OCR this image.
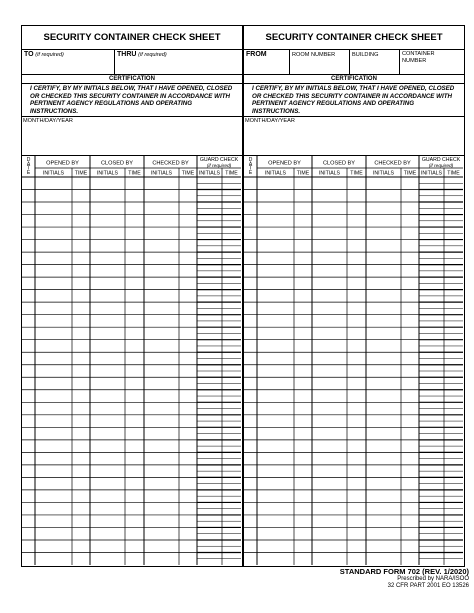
SECURITY CONTAINER CHECK SHEET
TO (if required)	THRU (if required)
CERTIFICATION
I CERTIFY, BY MY INITIALS BELOW, THAT I HAVE OPENED, CLOSED OR CHECKED THIS SECURITY CONTAINER IN ACCORDANCE WITH PERTINENT AGENCY REGULATIONS AND OPERATING INSTRUCTIONS.
MONTH/DAY/YEAR
D
A
T
E
OPENED BY	CLOSED BY	CHECKED BY
GUARD CHECK
(if required)
INITIALS TIME INITIALS TIME INITIALS TIME INITIALS TIME
SECURITY CONTAINER CHECK SHEET
FROM	ROOM NUMBER	BUILDING	CONTAINER
NUMBER
CERTIFICATION
I CERTIFY, BY MY INITIALS BELOW, THAT I HAVE OPENED, CLOSED OR CHECKED THIS SECURITY CONTAINER IN ACCORDANCE WITH PERTINENT AGENCY REGULATIONS AND OPERATING INSTRUCTIONS.
MONTH/DAY/YEAR
D
A
T
E
OPENED BY	CLOSED BY	CHECKED BY
GUARD CHECK
(if required)
INITIALS TIME INITIALS TIME INITIALS TIME INITIALS TIME
STANDARD FORM 702 (REV. 1/2020)
Prescribed by NARA/ISOO
32 CFR PART 2001 EO 13526
